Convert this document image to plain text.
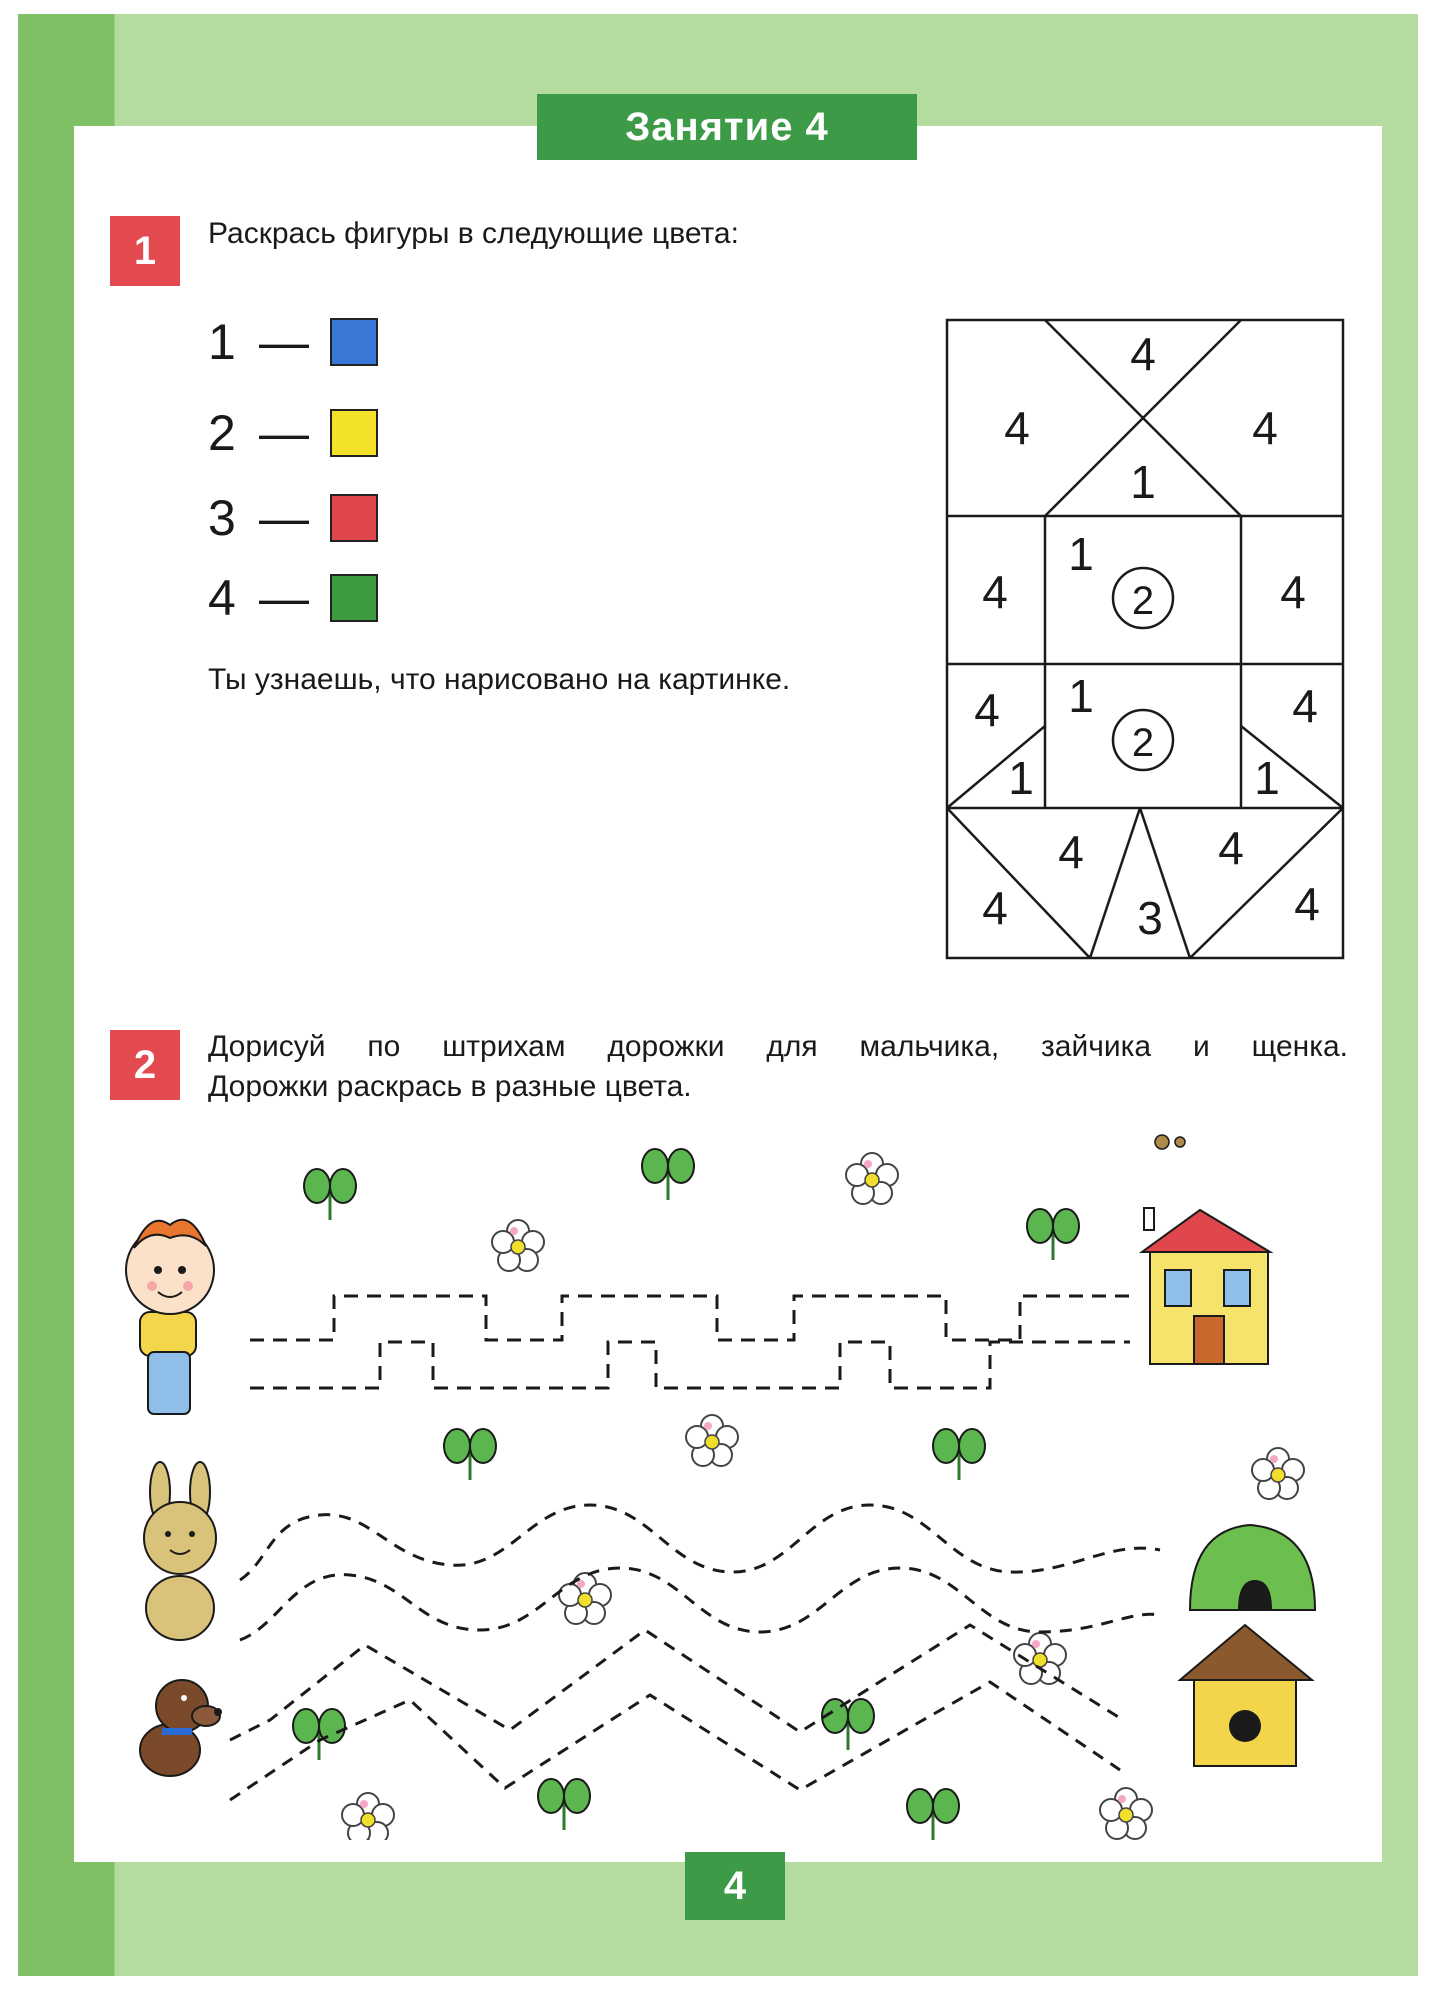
Занятие 4
1	Раскрась фигуры в следующие цвета:
1 —
2 —
3 —
4 —
Ты узнаешь, что нарисовано на картинке.
4
4	4
1
4
1
2	4
4 1
2
4
1	1
4	4
4	3	4
2	Дорисуй по штрихам дорожки для мальчика, зайчика и щенка.
Дорожки раскрась в разные цвета.
4
